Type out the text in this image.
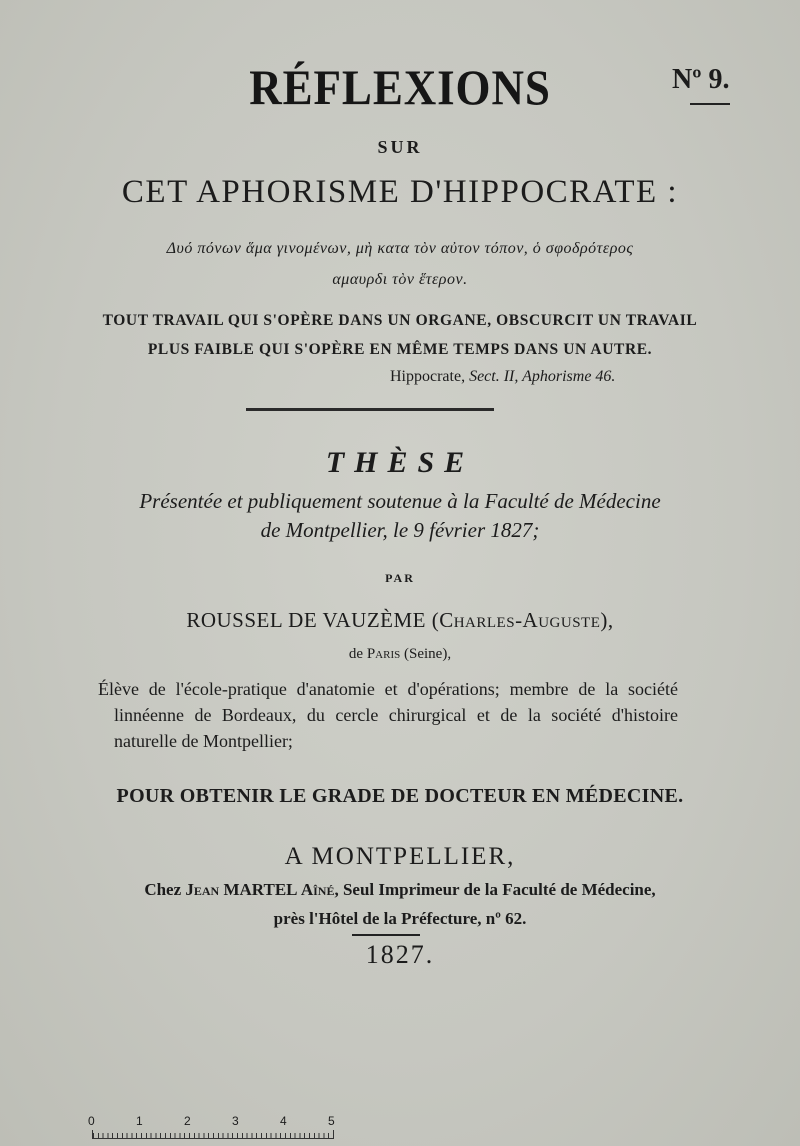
RÉFLEXIONS	Nº 9.
SUR
CET APHORISME D'HIPPOCRATE :
Δυό πόνων ἅμα γινομένων, μὴ κατα τὸν αὐτον τόπον, ὁ σφοδρότερος
αμαυρδι τὸν ἕτερον.
TOUT TRAVAIL QUI S'OPÈRE DANS UN ORGANE, OBSCURCIT UN TRAVAIL
PLUS FAIBLE QUI S'OPÈRE EN MÊME TEMPS DANS UN AUTRE.
Hippocrate, Sect. II, Aphorisme 46.
THÈSE
Présentée et publiquement soutenue à la Faculté de Médecine
de Montpellier, le 9 février 1827;
PAR
ROUSSEL DE VAUZÈME (Charles-Auguste),
de Paris (Seine),
Élève de l'école-pratique d'anatomie et d'opérations; membre de la société
linnéenne de Bordeaux, du cercle chirurgical et de la société d'histoire
naturelle de Montpellier;
POUR OBTENIR LE GRADE DE DOCTEUR EN MÉDECINE.
A MONTPELLIER,
Chez Jean MARTEL Aîné, Seul Imprimeur de la Faculté de Médecine,
près l'Hôtel de la Préfecture, nº 62.
1827.
0	1	2	3	4	5
